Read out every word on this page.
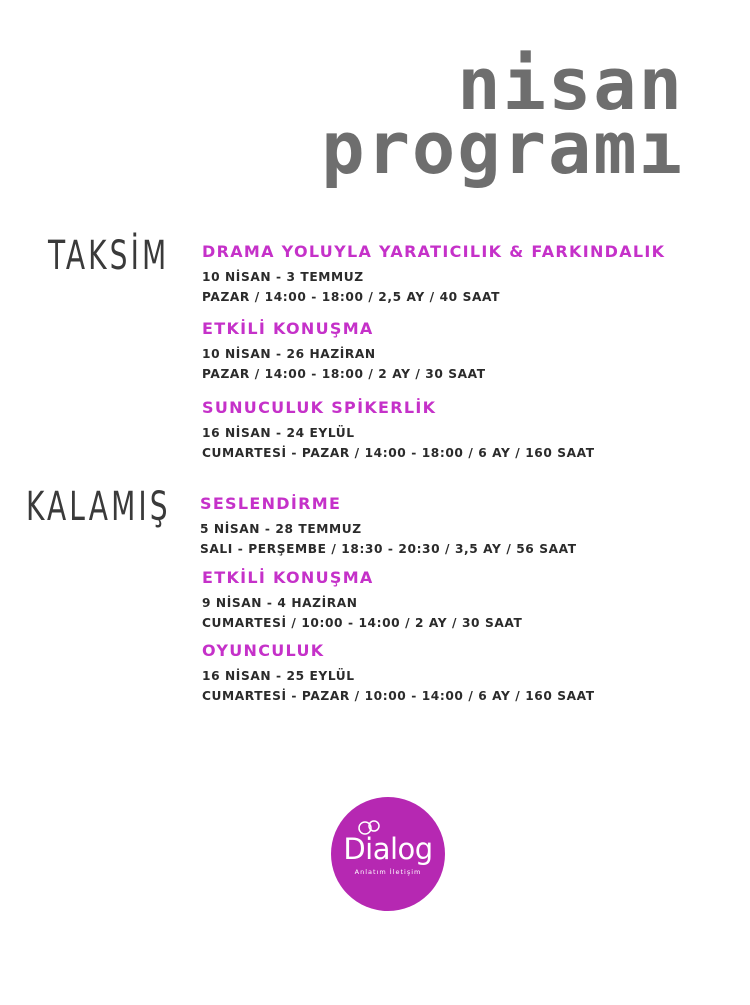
nisan
programı
TAKSİM DRAMA YOLUYLA YARATICILIK & FARKINDALIK
10 NİSAN - 3 TEMMUZ
PAZAR / 14:00 - 18:00 / 2,5 AY / 40 SAAT
ETKİLİ KONUŞMA
10 NİSAN - 26 HAZİRAN
PAZAR / 14:00 - 18:00 / 2 AY / 30 SAAT
SUNUCULUK SPİKERLİK
16 NİSAN - 24 EYLÜL
CUMARTESİ - PAZAR / 14:00 - 18:00 / 6 AY / 160 SAAT
KALAMIŞ SESLENDİRME
5 NİSAN - 28 TEMMUZ
SALI - PERŞEMBE / 18:30 - 20:30 / 3,5 AY / 56 SAAT
ETKİLİ KONUŞMA
9 NİSAN - 4 HAZİRAN
CUMARTESİ / 10:00 - 14:00 / 2 AY / 30 SAAT
OYUNCULUK
16 NİSAN - 25 EYLÜL
CUMARTESİ - PAZAR / 10:00 - 14:00 / 6 AY / 160 SAAT
Dialog
Anlatım İletişim
